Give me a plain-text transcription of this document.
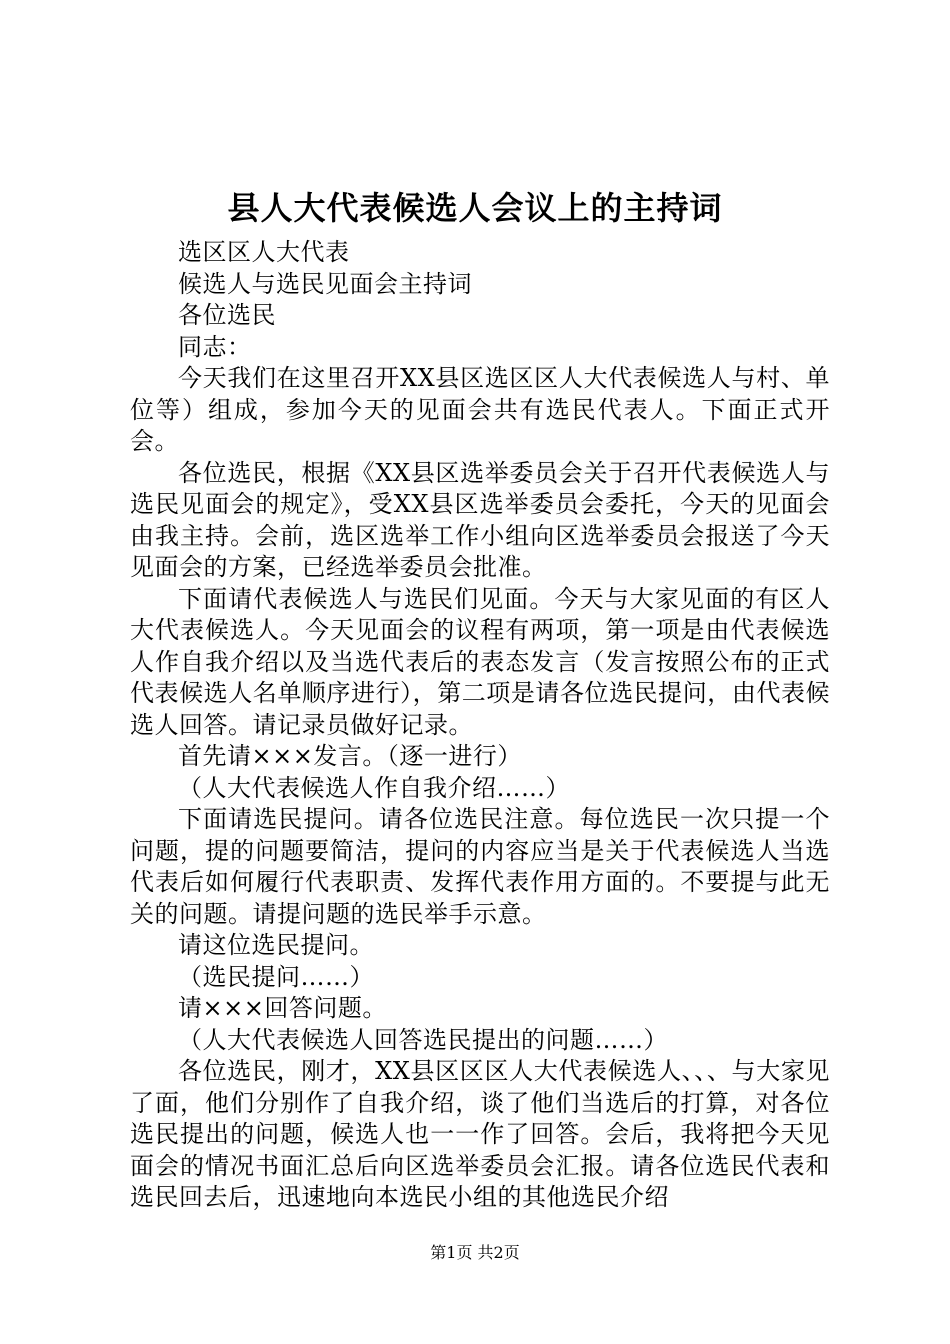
县人大代表候选人会议上的主持词

选区区人大代表

候选人与选民见面会主持词

各位选民

同志：

今天我们在这里召开XX县区选区区人大代表候选人与村、单位等）组成，参加今天的见面会共有选民代表人。下面正式开会。

各位选民，根据《XX县区选举委员会关于召开代表候选人与选民见面会的规定》，受XX县区选举委员会委托，今天的见面会由我主持。会前，选区选举工作小组向区选举委员会报送了今天见面会的方案，已经选举委员会批准。

下面请代表候选人与选民们见面。今天与大家见面的有区人大代表候选人。今天见面会的议程有两项，第一项是由代表候选人作自我介绍以及当选代表后的表态发言（发言按照公布的正式代表候选人名单顺序进行），第二项是请各位选民提问，由代表候选人回答。请记录员做好记录。

首先请×××发言。（逐一进行）

（人大代表候选人作自我介绍……）

下面请选民提问。请各位选民注意。每位选民一次只提一个问题，提的问题要简洁，提问的内容应当是关于代表候选人当选代表后如何履行代表职责、发挥代表作用方面的。不要提与此无关的问题。请提问题的选民举手示意。

请这位选民提问。

（选民提问……）

请×××回答问题。

（人大代表候选人回答选民提出的问题……）

各位选民，刚才，XX县区区区人大代表候选人、、、与大家见了面，他们分别作了自我介绍，谈了他们当选后的打算，对各位选民提出的问题，候选人也一一作了回答。会后，我将把今天见面会的情况书面汇总后向区选举委员会汇报。请各位选民代表和选民回去后，迅速地向本选民小组的其他选民介绍

第1页 共2页
